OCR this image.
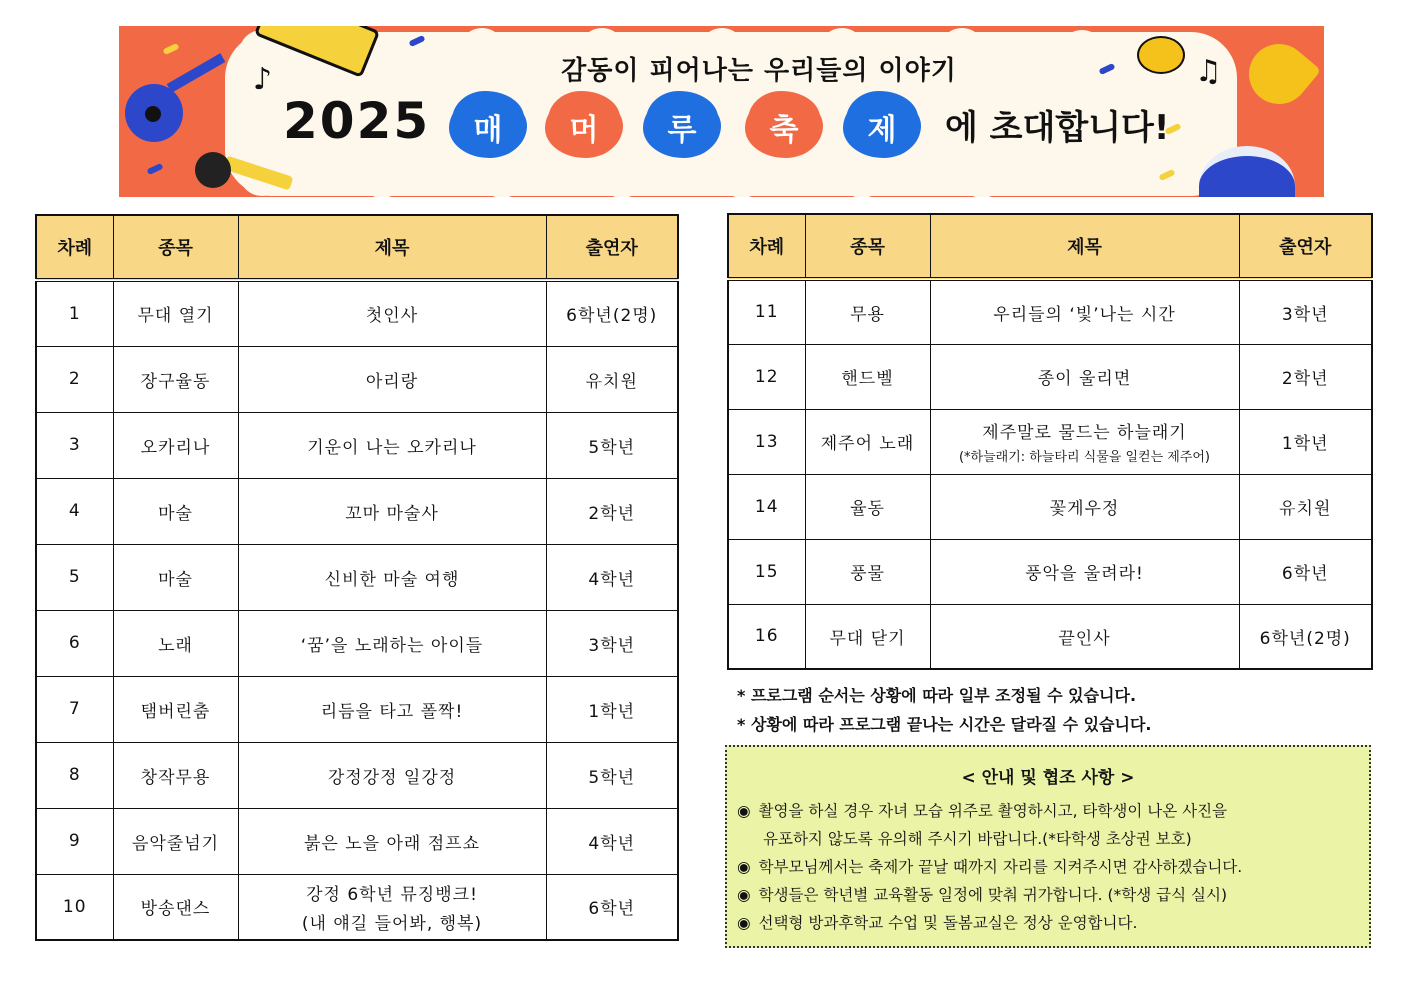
♪	♫
감동이 피어나는 우리들의 이야기
2025 매 머 루 축 제 에 초대합니다!
차례	종목	제목	출연자
1	무대 열기	첫인사	6학년(2명)
2	장구율동	아리랑	유치원
3	오카리나	기운이 나는 오카리나	5학년
4	마술	꼬마 마술사	2학년
5	마술	신비한 마술 여행	4학년
6	노래	‘꿈’을 노래하는 아이들	3학년
7	탬버린춤	리듬을 타고 폴짝!	1학년
8	창작무용	강정강정 일강정	5학년
9	음악줄넘기	붉은 노을 아래 점프쇼	4학년
10	방송댄스	강정 6학년 뮤징뱅크!
(내 얘길 들어봐, 행복)	6학년
차례	종목	제목	출연자
11	무용	우리들의 ‘빛’나는 시간	3학년
12	핸드벨	종이 울리면	2학년
13	제주어 노래	제주말로 물드는 하늘래기
(*하늘래기: 하늘타리 식물을 일컫는 제주어)	1학년
14	율동	꽃게우정	유치원
15	풍물	풍악을 울려라!	6학년
16	무대 닫기	끝인사	6학년(2명)
* 프로그램 순서는 상황에 따라 일부 조정될 수 있습니다.
* 상황에 따라 프로그램 끝나는 시간은 달라질 수 있습니다.
< 안내 및 협조 사항 >
◉ 촬영을 하실 경우 자녀 모습 위주로 촬영하시고, 타학생이 나온 사진을
유포하지 않도록 유의해 주시기 바랍니다.(*타학생 초상권 보호)
◉ 학부모님께서는 축제가 끝날 때까지 자리를 지켜주시면 감사하겠습니다.
◉ 학생들은 학년별 교육활동 일정에 맞춰 귀가합니다. (*학생 급식 실시)
◉ 선택형 방과후학교 수업 및 돌봄교실은 정상 운영합니다.
